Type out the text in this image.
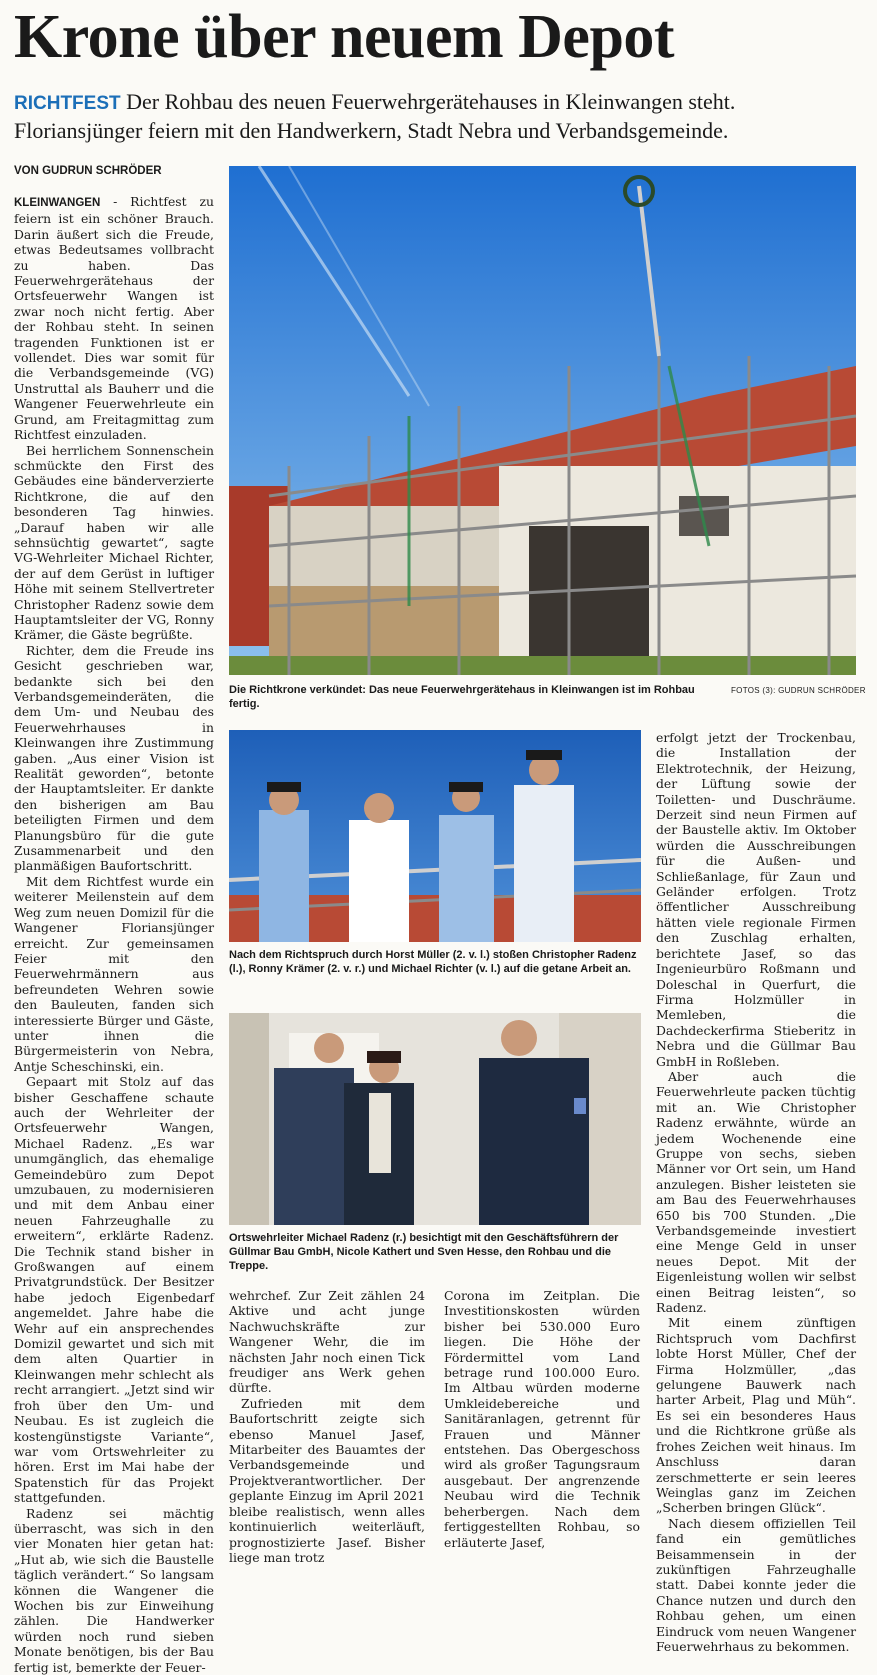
Krone über neuem Depot
RICHTFEST Der Rohbau des neuen Feuerwehrgerätehauses in Kleinwangen steht. Floriansjünger feiern mit den Handwerkern, Stadt Nebra und Verbandsgemeinde.
VON GUDRUN SCHRÖDER

KLEINWANGEN - Richtfest zu feiern ist ein schöner Brauch. Darin äußert sich die Freude, etwas Bedeutsames vollbracht zu haben. Das Feuerwehrgerätehaus der Ortsfeuerwehr Wangen ist zwar noch nicht fertig. Aber der Rohbau steht. In seinen tragenden Funktionen ist er vollendet. Dies war somit für die Verbandsgemeinde (VG) Unstruttal als Bauherr und die Wangener Feuerwehrleute ein Grund, am Freitagmittag zum Richtfest einzuladen.

Bei herrlichem Sonnenschein schmückte den First des Gebäudes eine bänderverzierte Richtkrone, die auf den besonderen Tag hinwies. „Darauf haben wir alle sehnsüchtig gewartet“, sagte VG-Wehrleiter Michael Richter, der auf dem Gerüst in luftiger Höhe mit seinem Stellvertreter Christopher Radenz sowie dem Hauptamtsleiter der VG, Ronny Krämer, die Gäste begrüßte.

Richter, dem die Freude ins Gesicht geschrieben war, bedankte sich bei den Verbandsgemeinderäten, die dem Um- und Neubau des Feuerwehrhauses in Kleinwangen ihre Zustimmung gaben. „Aus einer Vision ist Realität geworden“, betonte der Hauptamtsleiter. Er dankte den bisherigen am Bau beteiligten Firmen und dem Planungsbüro für die gute Zusammenarbeit und den planmäßigen Baufortschritt.

Mit dem Richtfest wurde ein weiterer Meilenstein auf dem Weg zum neuen Domizil für die Wangener Floriansjünger erreicht. Zur gemeinsamen Feier mit den Feuerwehrmännern aus befreundeten Wehren sowie den Bauleuten, fanden sich interessierte Bürger und Gäste, unter ihnen die Bürgermeisterin von Nebra, Antje Scheschinski, ein.

Gepaart mit Stolz auf das bisher Geschaffene schaute auch der Wehrleiter der Ortsfeuerwehr Wangen, Michael Radenz. „Es war unumgänglich, das ehemalige Gemeindebüro zum Depot umzubauen, zu modernisieren und mit dem Anbau einer neuen Fahrzeughalle zu erweitern“, erklärte Radenz. Die Technik stand bisher in Großwangen auf einem Privatgrundstück. Der Besitzer habe jedoch Eigenbedarf angemeldet. Jahre habe die Wehr auf ein ansprechendes Domizil gewartet und sich mit dem alten Quartier in Kleinwangen mehr schlecht als recht arrangiert. „Jetzt sind wir froh über den Um- und Neubau. Es ist zugleich die kostengünstigste Variante“, war vom Ortswehrleiter zu hören. Erst im Mai habe der Spatenstich für das Projekt stattgefunden.

Radenz sei mächtig überrascht, was sich in den vier Monaten hier getan hat: „Hut ab, wie sich die Baustelle täglich verändert.“ So langsam können die Wangener die Wochen bis zur Einweihung zählen. Die Handwerker würden noch rund sieben Monate benötigen, bis der Bau fertig ist, bemerkte der Feuer-

Die Richtkrone verkündet: Das neue Feuerwehrgerätehaus in Kleinwangen ist im Rohbau fertig.
FOTOS (3): GUDRUN SCHRÖDER
Nach dem Richtspruch durch Horst Müller (2. v. l.) stoßen Christopher Radenz (l.), Ronny Krämer (2. v. r.) und Michael Richter (v. l.) auf die getane Arbeit an.
Ortswehrleiter Michael Radenz (r.) besichtigt mit den Geschäftsführern der Güllmar Bau GmbH, Nicole Kathert und Sven Hesse, den Rohbau und die Treppe.

wehrchef. Zur Zeit zählen 24 Aktive und acht junge Nachwuchskräfte zur Wangener Wehr, die im nächsten Jahr noch einen Tick freudiger ans Werk gehen dürfte.

Zufrieden mit dem Baufortschritt zeigte sich ebenso Manuel Jasef, Mitarbeiter des Bauamtes der Verbandsgemeinde und Projektverantwortlicher. Der geplante Einzug im April 2021 bleibe realistisch, wenn alles kontinuierlich weiterläuft, prognostizierte Jasef. Bisher liege man trotz

Corona im Zeitplan. Die Investitionskosten würden bisher bei 530.000 Euro liegen. Die Höhe der Fördermittel vom Land betrage rund 100.000 Euro. Im Altbau würden moderne Umkleidebereiche und Sanitäranlagen, getrennt für Frauen und Männer entstehen. Das Obergeschoss wird als großer Tagungsraum ausgebaut. Der angrenzende Neubau wird die Technik beherbergen. Nach dem fertiggestellten Rohbau, so erläuterte Jasef,

erfolgt jetzt der Trockenbau, die Installation der Elektrotechnik, der Heizung, der Lüftung sowie der Toiletten- und Duschräume. Derzeit sind neun Firmen auf der Baustelle aktiv. Im Oktober würden die Ausschreibungen für die Außen- und Schließanlage, für Zaun und Geländer erfolgen. Trotz öffentlicher Ausschreibung hätten viele regionale Firmen den Zuschlag erhalten, berichtete Jasef, so das Ingenieurbüro Roßmann und Doleschal in Querfurt, die Firma Holzmüller in Memleben, die Dachdeckerfirma Stieberitz in Nebra und die Güllmar Bau GmbH in Roßleben.

Aber auch die Feuerwehrleute packen tüchtig mit an. Wie Christopher Radenz erwähnte, würde an jedem Wochenende eine Gruppe von sechs, sieben Männer vor Ort sein, um Hand anzulegen. Bisher leisteten sie am Bau des Feuerwehrhauses 650 bis 700 Stunden. „Die Verbandsgemeinde investiert eine Menge Geld in unser neues Depot. Mit der Eigenleistung wollen wir selbst einen Beitrag leisten“, so Radenz.

Mit einem zünftigen Richtspruch vom Dachfirst lobte Horst Müller, Chef der Firma Holzmüller, „das gelungene Bauwerk nach harter Arbeit, Plag und Müh“. Es sei ein besonderes Haus und die Richtkrone grüße als frohes Zeichen weit hinaus. Im Anschluss daran zerschmetterte er sein leeres Weinglas ganz im Zeichen „Scherben bringen Glück“.

Nach diesem offiziellen Teil fand ein gemütliches Beisammensein in der zukünftigen Fahrzeughalle statt. Dabei konnte jeder die Chance nutzen und durch den Rohbau gehen, um einen Eindruck vom neuen Wangener Feuerwehrhaus zu bekommen.
